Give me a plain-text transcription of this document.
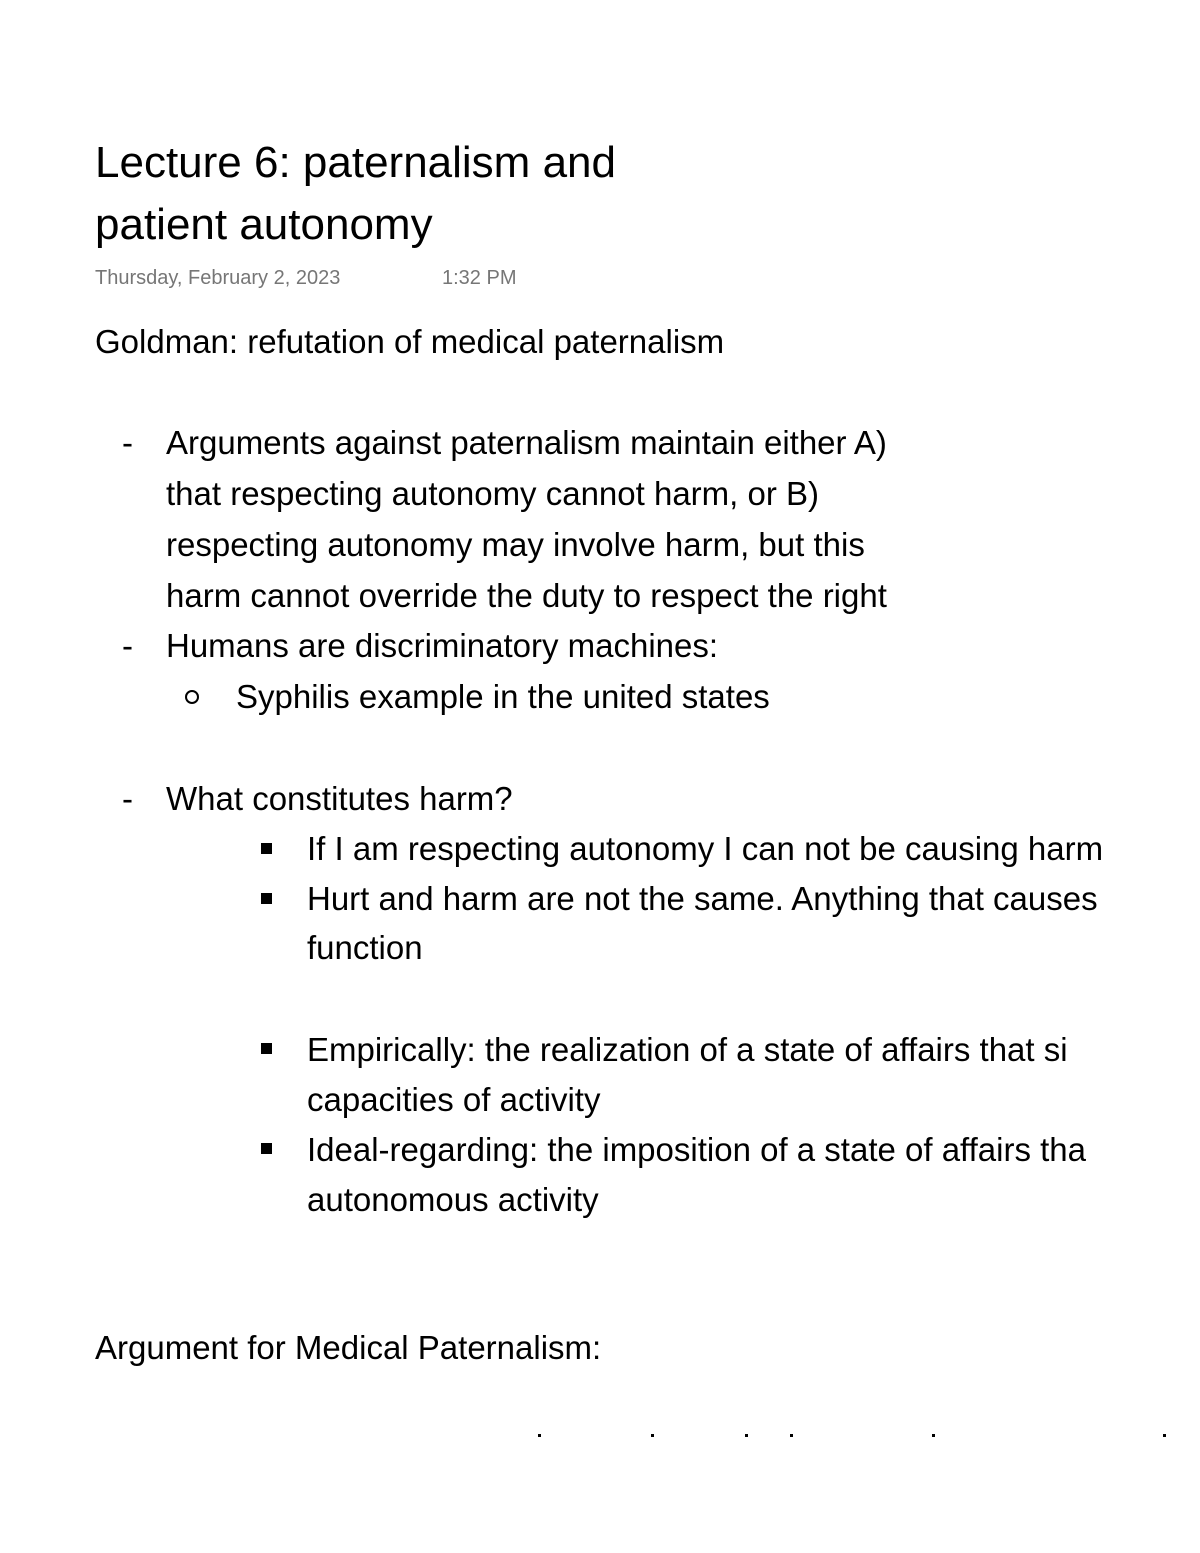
Lecture 6: paternalism and
patient autonomy
Thursday, February 2, 2023	1:32 PM
Goldman: refutation of medical paternalism
- Arguments against paternalism maintain either A)
that respecting autonomy cannot harm, or B)
respecting autonomy may involve harm, but this
harm cannot override the duty to respect the right
- Humans are discriminatory machines:
Syphilis example in the united states
- What constitutes harm?
If I am respecting autonomy I can not be causing harm
Hurt and harm are not the same. Anything that causes
function
Empirically: the realization of a state of affairs that si
capacities of activity
Ideal-regarding: the imposition of a state of affairs tha
autonomous activity
Argument for Medical Paternalism:
